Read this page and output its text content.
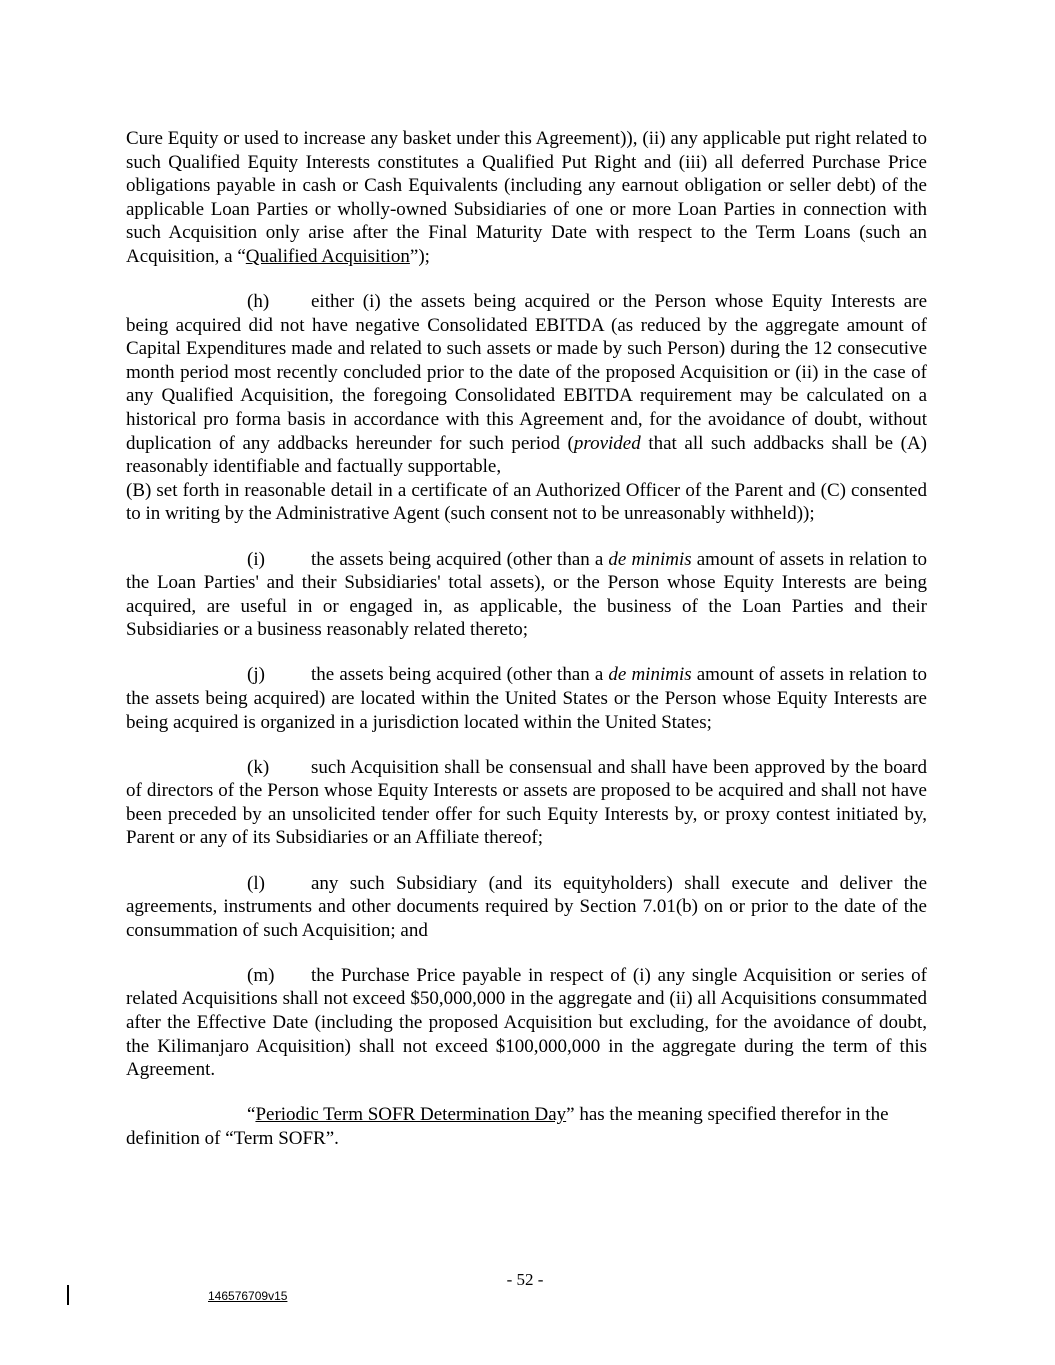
Cure Equity or used to increase any basket under this Agreement)), (ii) any applicable put right related to such Qualified Equity Interests constitutes a Qualified Put Right and (iii) all deferred Purchase Price obligations payable in cash or Cash Equivalents (including any earnout obligation or seller debt) of the applicable Loan Parties or wholly-owned Subsidiaries of one or more Loan Parties in connection with such Acquisition only arise after the Final Maturity Date with respect to the Term Loans (such an Acquisition, a “Qualified Acquisition”);

(h) either (i) the assets being acquired or the Person whose Equity Interests are being acquired did not have negative Consolidated EBITDA (as reduced by the aggregate amount of Capital Expenditures made and related to such assets or made by such Person) during the 12 consecutive month period most recently concluded prior to the date of the proposed Acquisition or (ii) in the case of any Qualified Acquisition, the foregoing Consolidated EBITDA requirement may be calculated on a historical pro forma basis in accordance with this Agreement and, for the avoidance of doubt, without duplication of any addbacks hereunder for such period (provided that all such addbacks shall be (A) reasonably identifiable and factually supportable,

(B) set forth in reasonable detail in a certificate of an Authorized Officer of the Parent and (C) consented to in writing by the Administrative Agent (such consent not to be unreasonably withheld));

(i) the assets being acquired (other than a de minimis amount of assets in relation to the Loan Parties' and their Subsidiaries' total assets), or the Person whose Equity Interests are being acquired, are useful in or engaged in, as applicable, the business of the Loan Parties and their Subsidiaries or a business reasonably related thereto;

(j) the assets being acquired (other than a de minimis amount of assets in relation to the assets being acquired) are located within the United States or the Person whose Equity Interests are being acquired is organized in a jurisdiction located within the United States;

(k) such Acquisition shall be consensual and shall have been approved by the board of directors of the Person whose Equity Interests or assets are proposed to be acquired and shall not have been preceded by an unsolicited tender offer for such Equity Interests by, or proxy contest initiated by, Parent or any of its Subsidiaries or an Affiliate thereof;

(l) any such Subsidiary (and its equityholders) shall execute and deliver the agreements, instruments and other documents required by Section 7.01(b) on or prior to the date of the consummation of such Acquisition; and

(m) the Purchase Price payable in respect of (i) any single Acquisition or series of related Acquisitions shall not exceed $50,000,000 in the aggregate and (ii) all Acquisitions consummated after the Effective Date (including the proposed Acquisition but excluding, for the avoidance of doubt, the Kilimanjaro Acquisition) shall not exceed $100,000,000 in the aggregate during the term of this Agreement.

“Periodic Term SOFR Determination Day” has the meaning specified therefor in the definition of “Term SOFR”.

- 52 -
146576709v15
